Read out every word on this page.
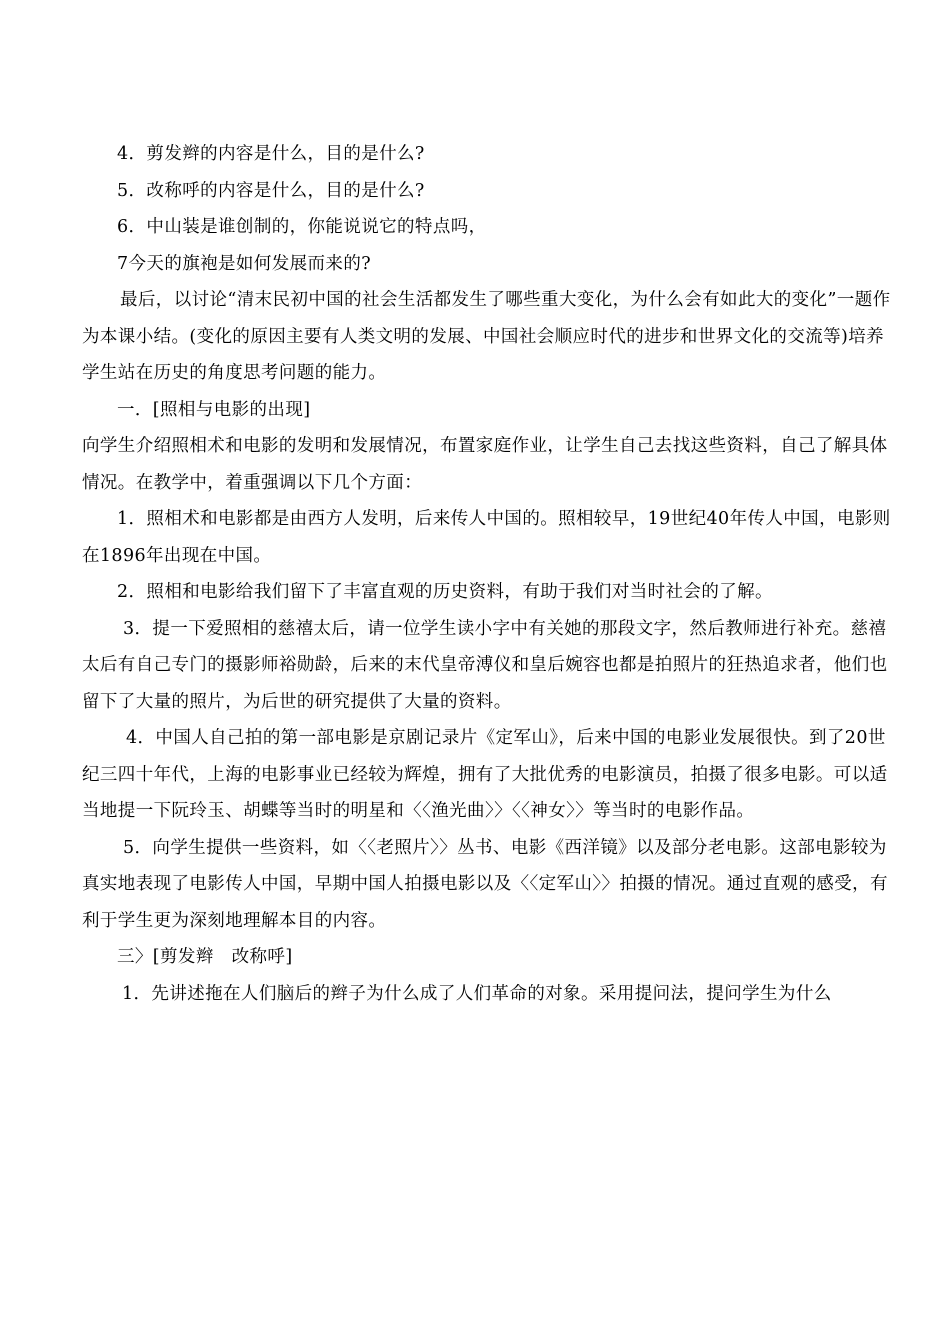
4．剪发辫的内容是什么，目的是什么?

5．改称呼的内容是什么，目的是什么?

6．中山装是谁创制的，你能说说它的特点吗，

7今天的旗袍是如何发展而来的?

最后，以讨论“清末民初中国的社会生活都发生了哪些重大变化，为什么会有如此大的变化”一题作为本课小结。(变化的原因主要有人类文明的发展、中国社会顺应时代的进步和世界文化的交流等)培养学生站在历史的角度思考问题的能力。

一．[照相与电影的出现]

向学生介绍照相术和电影的发明和发展情况，布置家庭作业，让学生自己去找这些资料，自己了解具体情况。在教学中，着重强调以下几个方面：

1．照相术和电影都是由西方人发明，后来传人中国的。照相较早，19世纪40年传人中国，电影则在1896年出现在中国。

2．照相和电影给我们留下了丰富直观的历史资料，有助于我们对当时社会的了解。

3．提一下爱照相的慈禧太后，请一位学生读小字中有关她的那段文字，然后教师进行补充。慈禧太后有自己专门的摄影师裕勋龄，后来的末代皇帝溥仪和皇后婉容也都是拍照片的狂热追求者，他们也留下了大量的照片，为后世的研究提供了大量的资料。

4．中国人自己拍的第一部电影是京剧记录片《定军山》，后来中国的电影业发展很快。到了20世纪三四十年代，上海的电影事业已经较为辉煌，拥有了大批优秀的电影演员，拍摄了很多电影。可以适当地提一下阮玲玉、胡蝶等当时的明星和〈〈渔光曲〉〉〈〈神女〉〉等当时的电影作品。

5．向学生提供一些资料，如〈〈老照片〉〉丛书、电影《西洋镜》以及部分老电影。这部电影较为真实地表现了电影传人中国，早期中国人拍摄电影以及〈〈定军山〉〉拍摄的情况。通过直观的感受，有利于学生更为深刻地理解本目的内容。

三〉[剪发辫　改称呼]

1．先讲述拖在人们脑后的辫子为什么成了人们革命的对象。采用提问法，提问学生为什么
